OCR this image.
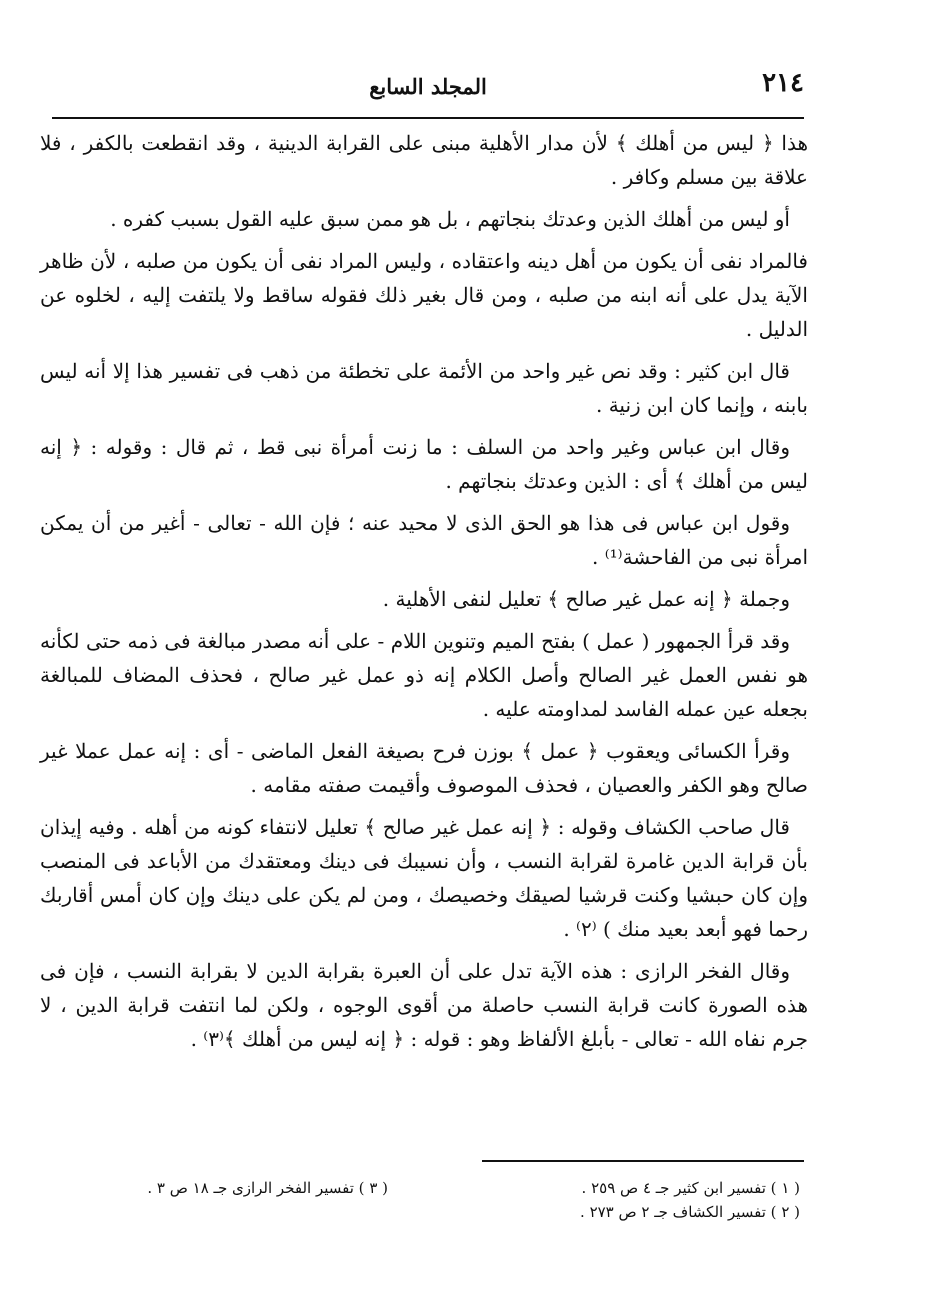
٢١٤
المجلد السابع

هذا ﴿ ليس من أهلك ﴾ لأن مدار الأهلية مبنى على القرابة الدينية ، وقد انقطعت بالكفر ، فلا علاقة بين مسلم وكافر .

أو ليس من أهلك الذين وعدتك بنجاتهم ، بل هو ممن سبق عليه القول بسبب كفره .

فالمراد نفى أن يكون من أهل دينه واعتقاده ، وليس المراد نفى أن يكون من صلبه ، لأن ظاهر الآية يدل على أنه ابنه من صلبه ، ومن قال بغير ذلك فقوله ساقط ولا يلتفت إليه ، لخلوه عن الدليل .

قال ابن كثير : وقد نص غير واحد من الأئمة على تخطئة من ذهب فى تفسير هذا إلا أنه ليس بابنه ، وإنما كان ابن زنية .

وقال ابن عباس وغير واحد من السلف : ما زنت أمرأة نبى قط ، ثم قال : وقوله : ﴿ إنه ليس من أهلك ﴾ أى : الذين وعدتك بنجاتهم .

وقول ابن عباس فى هذا هو الحق الذى لا محيد عنه ؛ فإن الله - تعالى - أغير من أن يمكن امرأة نبى من الفاحشة⁽¹⁾ .

وجملة ﴿ إنه عمل غير صالح ﴾ تعليل لنفى الأهلية .

وقد قرأ الجمهور ( عمل ) بفتح الميم وتنوين اللام - على أنه مصدر مبالغة فى ذمه حتى لكأنه هو نفس العمل غير الصالح وأصل الكلام إنه ذو عمل غير صالح ، فحذف المضاف للمبالغة بجعله عين عمله الفاسد لمداومته عليه .

وقرأ الكسائى ويعقوب ﴿ عمل ﴾ بوزن فرح بصيغة الفعل الماضى - أى : إنه عمل عملا غير صالح وهو الكفر والعصيان ، فحذف الموصوف وأقيمت صفته مقامه .

قال صاحب الكشاف وقوله : ﴿ إنه عمل غير صالح ﴾ تعليل لانتفاء كونه من أهله . وفيه إيذان بأن قرابة الدين غامرة لقرابة النسب ، وأن نسيبك فى دينك ومعتقدك من الأباعد فى المنصب وإن كان حبشيا وكنت قرشيا لصيقك وخصيصك ، ومن لم يكن على دينك وإن كان أمس أقاربك رحما فهو أبعد بعيد منك ) ⁽٢⁾ .

وقال الفخر الرازى : هذه الآية تدل على أن العبرة بقرابة الدين لا بقرابة النسب ، فإن فى هذه الصورة كانت قرابة النسب حاصلة من أقوى الوجوه ، ولكن لما انتفت قرابة الدين ، لا جرم نفاه الله - تعالى - بأبلغ الألفاظ وهو : قوله : ﴿ إنه ليس من أهلك ﴾⁽٣⁾ .

( ١ ) تفسير ابن كثير جـ ٤ ص ٢٥٩ .
( ٢ ) تفسير الكشاف جـ ٢ ص ٢٧٣ .
( ٣ ) تفسير الفخر الرازى جـ ١٨ ص ٣ .
